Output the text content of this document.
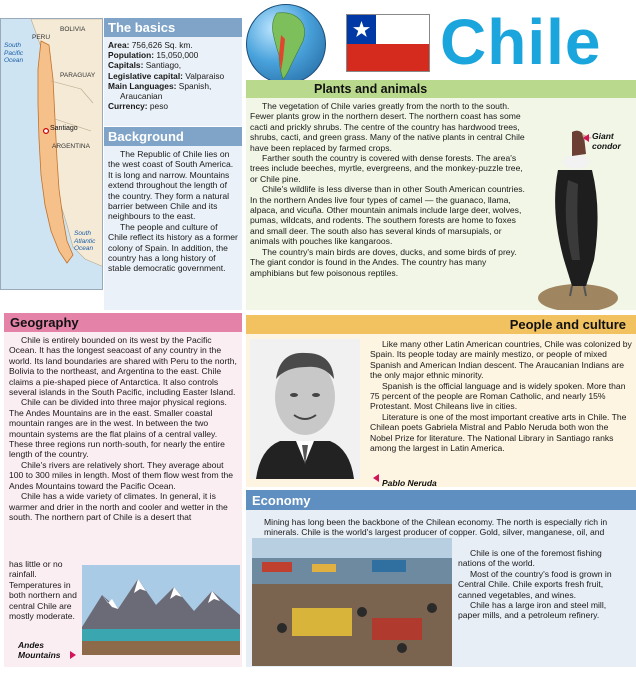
PERU
BOLIVIA
PARAGUAY
Santiago
ARGENTINA
South
Pacific
Ocean
South
Atlantic
Ocean
The basics
Area: 756,626 Sq. km.
Population: 15,050,000
Capitals: Santiago,
Legislative capital: Valparaiso
Main Languages: Spanish,
Araucanian
Currency: peso
Background

The Republic of Chile lies on the west coast of South America. It is long and narrow. Mountains extend throughout the length of the country. They form a natural barrier between Chile and its neighbours to the east.

The people and culture of Chile reflect its history as a former colony of Spain. In addition, the country has a long history of stable democratic government.

Chile
Plants and animals

The vegetation of Chile varies greatly from the north to the south. Fewer plants grow in the northern desert. The northern coast has some cacti and prickly shrubs. The centre of the country has hardwood trees, shrubs, cacti, and green grass. Many of the native plants in central Chile have been replaced by farmed crops.

Farther south the country is covered with dense forests. The area's trees include beeches, myrtle, evergreens, and the monkey-puzzle tree, or Chile pine.

Chile's wildlife is less diverse than in other South American countries. In the northern Andes live four types of camel — the guanaco, llama, alpaca, and vicuña. Other mountain animals include large deer, wolves, pumas, wildcats, and rodents. The southern forests are home to foxes and small deer. The south also has several kinds of marsupials, or animals with pouches like kangaroos.

The country's main birds are doves, ducks, and some birds of prey. The giant condor is found in the Andes. The country has many amphibians but few poisonous reptiles.

Giant
condor
Geography

Chile is entirely bounded on its west by the Pacific Ocean. It has the longest seacoast of any country in the world. Its land boundaries are shared with Peru to the north, Bolivia to the northeast, and Argentina to the east. Chile claims a pie-shaped piece of Antarctica. It also controls several islands in the South Pacific, including Easter Island.

Chile can be divided into three major physical regions. The Andes Mountains are in the east. Smaller coastal mountain ranges are in the west. In between the two mountain systems are the flat plains of a central valley. These three regions run north-south, for nearly the entire length of the country.

Chile's rivers are relatively short. They average about 100 to 300 miles in length. Most of them flow west from the Andes Mountains toward the Pacific Ocean.

Chile has a wide variety of climates. In general, it is warmer and drier in the north and cooler and wetter in the south. The northern part of Chile is a desert that

has little or no rainfall. Temperatures in both northern and central Chile are mostly moderate.
Andes
Mountains
People and culture
Pablo Neruda

Like many other Latin American countries, Chile was colonized by Spain. Its people today are mainly mestizo, or people of mixed Spanish and American Indian descent. The Araucanian Indians are the only major ethnic minority.

Spanish is the official language and is widely spoken. More than 75 percent of the people are Roman Catholic, and nearly 15% Protestant. Most Chileans live in cities.

Literature is one of the most important creative arts in Chile. The Chilean poets Gabriela Mistral and Pablo Neruda both won the Nobel Prize for literature. The National Library in Santiago ranks among the largest in Latin America.

Economy
Mining has long been the backbone of the Chilean economy. The north is especially rich in minerals. Chile is the world's largest producer of copper. Gold, silver, manganese, oil, and

Chile is one of the foremost fishing nations of the world.

Most of the country's food is grown in Central Chile. Chile exports fresh fruit, canned vegetables, and wines.

Chile has a large iron and steel mill, paper mills, and a petroleum refinery.
